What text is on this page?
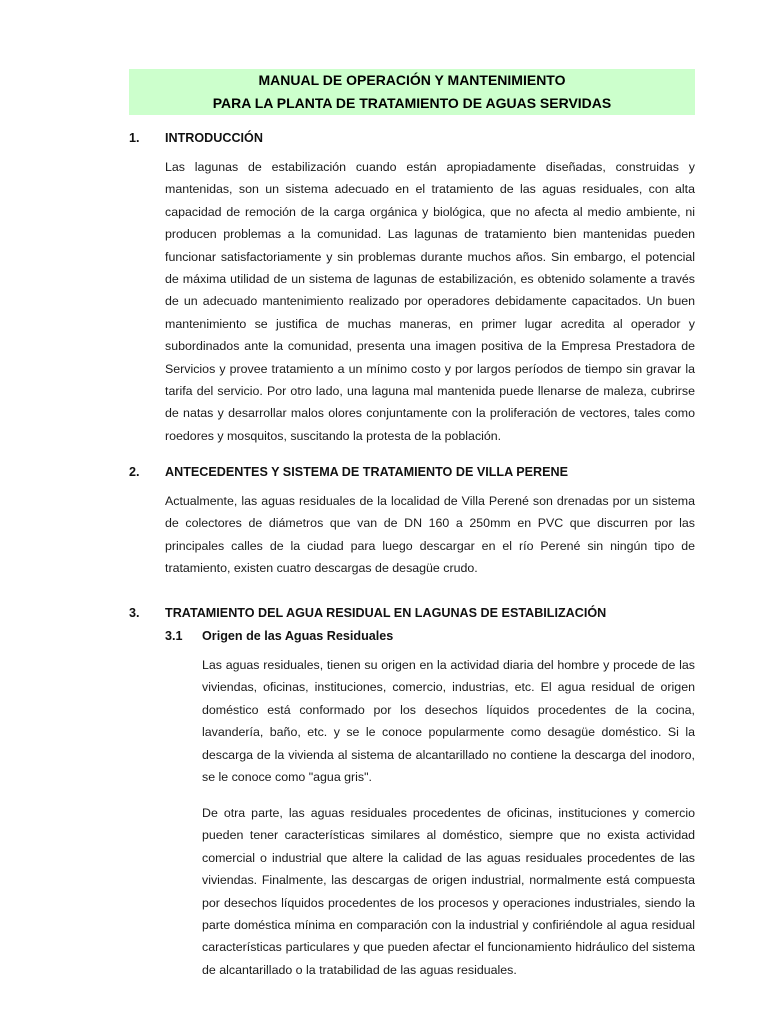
MANUAL DE OPERACIÓN Y MANTENIMIENTO
PARA LA PLANTA DE TRATAMIENTO DE AGUAS SERVIDAS
1. INTRODUCCIÓN

Las lagunas de estabilización cuando están apropiadamente diseñadas, construidas y mantenidas, son un sistema adecuado en el tratamiento de las aguas residuales, con alta capacidad de remoción de la carga orgánica y biológica, que no afecta al medio ambiente, ni producen problemas a la comunidad. Las lagunas de tratamiento bien mantenidas pueden funcionar satisfactoriamente y sin problemas durante muchos años. Sin embargo, el potencial de máxima utilidad de un sistema de lagunas de estabilización, es obtenido solamente a través de un adecuado mantenimiento realizado por operadores debidamente capacitados. Un buen mantenimiento se justifica de muchas maneras, en primer lugar acredita al operador y subordinados ante la comunidad, presenta una imagen positiva de la Empresa Prestadora de Servicios y provee tratamiento a un mínimo costo y por largos períodos de tiempo sin gravar la tarifa del servicio. Por otro lado, una laguna mal mantenida puede llenarse de maleza, cubrirse de natas y desarrollar malos olores conjuntamente con la proliferación de vectores, tales como roedores y mosquitos, suscitando la protesta de la población.

2. ANTECEDENTES Y SISTEMA DE TRATAMIENTO DE VILLA PERENE

Actualmente, las aguas residuales de la localidad de Villa Perené son drenadas por un sistema de colectores de diámetros que van de DN 160 a 250mm en PVC que discurren por las principales calles de la ciudad para luego descargar en el río Perené sin ningún tipo de tratamiento, existen cuatro descargas de desagüe crudo.

3. TRATAMIENTO DEL AGUA RESIDUAL EN LAGUNAS DE ESTABILIZACIÓN
3.1 Origen de las Aguas Residuales

Las aguas residuales, tienen su origen en la actividad diaria del hombre y procede de las viviendas, oficinas, instituciones, comercio, industrias, etc. El agua residual de origen doméstico está conformado por los desechos líquidos procedentes de la cocina, lavandería, baño, etc. y se le conoce popularmente como desagüe doméstico. Si la descarga de la vivienda al sistema de alcantarillado no contiene la descarga del inodoro, se le conoce como "agua gris".

De otra parte, las aguas residuales procedentes de oficinas, instituciones y comercio pueden tener características similares al doméstico, siempre que no exista actividad comercial o industrial que altere la calidad de las aguas residuales procedentes de las viviendas. Finalmente, las descargas de origen industrial, normalmente está compuesta por desechos líquidos procedentes de los procesos y operaciones industriales, siendo la parte doméstica mínima en comparación con la industrial y confiriéndole al agua residual características particulares y que pueden afectar el funcionamiento hidráulico del sistema de alcantarillado o la tratabilidad de las aguas residuales.
